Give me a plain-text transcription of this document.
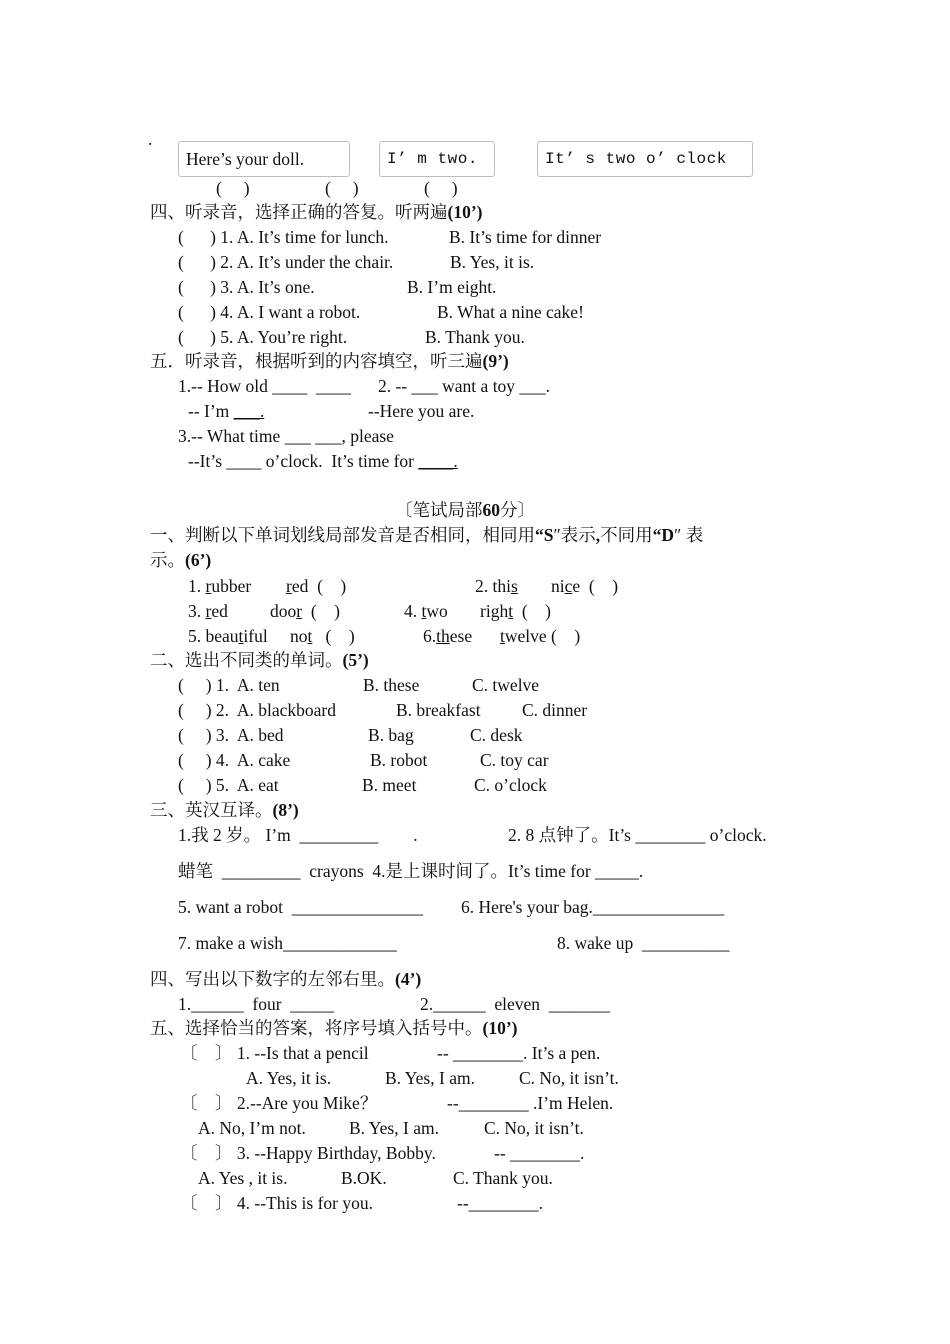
.
Here’s your doll.	I’ m two.	It’ s two o’ clock
(     )	(     )	(     )
四、听录音，选择正确的答复。听两遍(10’)
(      ) 1. A. It’s time for lunch.	B. It’s time for dinner
(      ) 2. A. It’s under the chair.	B. Yes, it is.
(      ) 3. A. It’s one.	B. I’m eight.
(      ) 4. A. I want a robot.	B. What a nine cake!
(      ) 5. A. You’re right.	B. Thank you.
五．听录音，根据听到的内容填空，听三遍(9’)
1.-- How old ____  ____ 2. -- ___ want a toy ___.
-- I’m ___.	--Here you are.
3.-- What time ___ ___, please
--It’s ____ o’clock.  It’s time for ____.
〔笔试局部60分〕
一、判断以下单词划线局部发音是否相同，相同用“S″表示,不同用“D″ 表
示。(6’)
1. rubber red  (    )	2. this nice  (    )
3. red door  (    )	4. two right  (    )
5. beautiful not   (    )	6.these twelve (    )
二、选出不同类的单词。(5’)
(     ) 1.  A. ten	B. these	C. twelve
(     ) 2.  A. blackboard	B. breakfast C. dinner
(     ) 3.  A. bed	B. bag	C. desk
(     ) 4.  A. cake	B. robot	C. toy car
(     ) 5.  A. eat	B. meet	C. o’clock
三、英汉互译。(8’)
1.我 2 岁。 I’m  _________        .	2. 8 点钟了。It’s ________ o’clock.
蜡笔  _________  crayons  4.是上课时间了。It’s time for _____.
5. want a robot  _______________ 6. Here's your bag._______________
7. make a wish_____________	8. wake up  __________
四、写出以下数字的左邻右里。(4’)
1.______  four  _____	2.______  eleven  _______
五、选择恰当的答案，将序号填入括号中。(10’)
〔    〕 1. --Is that a pencil	-- ________. It’s a pen.
A. Yes, it is.	B. Yes, I am.	C. No, it isn’t.
〔    〕 2.--Are you Mike？	--________ .I’m Helen.
A. No, I’m not. B. Yes, I am.	C. No, it isn’t.
〔    〕 3. --Happy Birthday, Bobby.	-- ________.
A. Yes , it is.	B.OK.	C. Thank you.
〔    〕 4. --This is for you.	--________.
